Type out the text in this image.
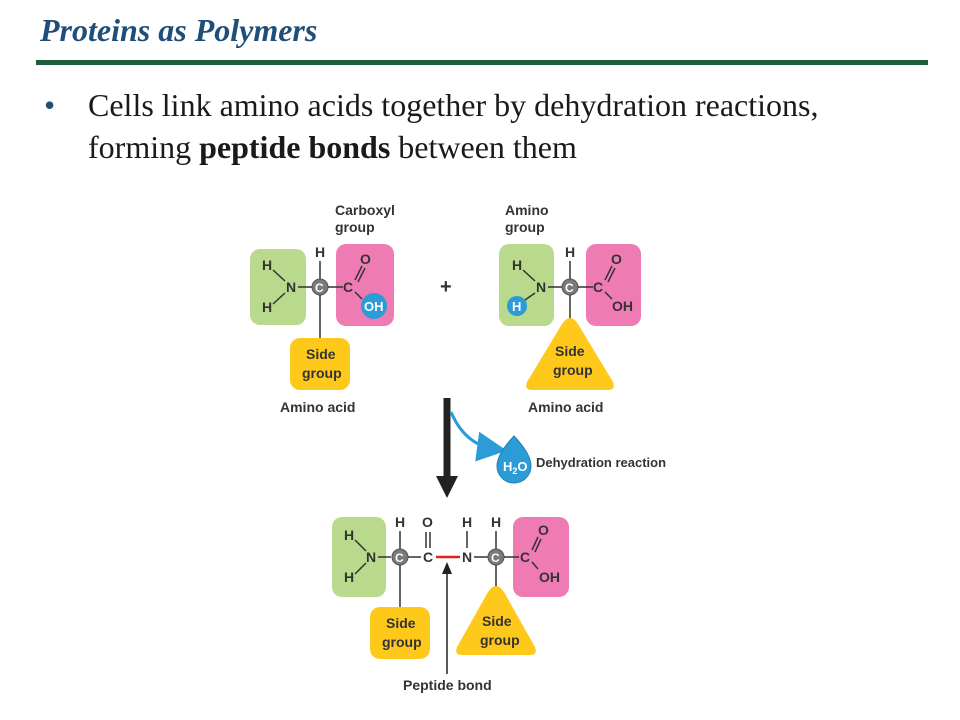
Proteins as Polymers
• Cells link amino acids together by dehydration reactions, forming peptide bonds between them
Carboxyl
group
H
H
N
H
C C
O
OH
Side
group
Amino acid
+
Amino
group
H
H
N
H
C C
O
OH
Side
group
Amino acid
$H_2O$ Dehydration reaction
H
H
N
H
C
O
C
H
N
H
C C
O
OH
Side
group
Side
group
Peptide bond
